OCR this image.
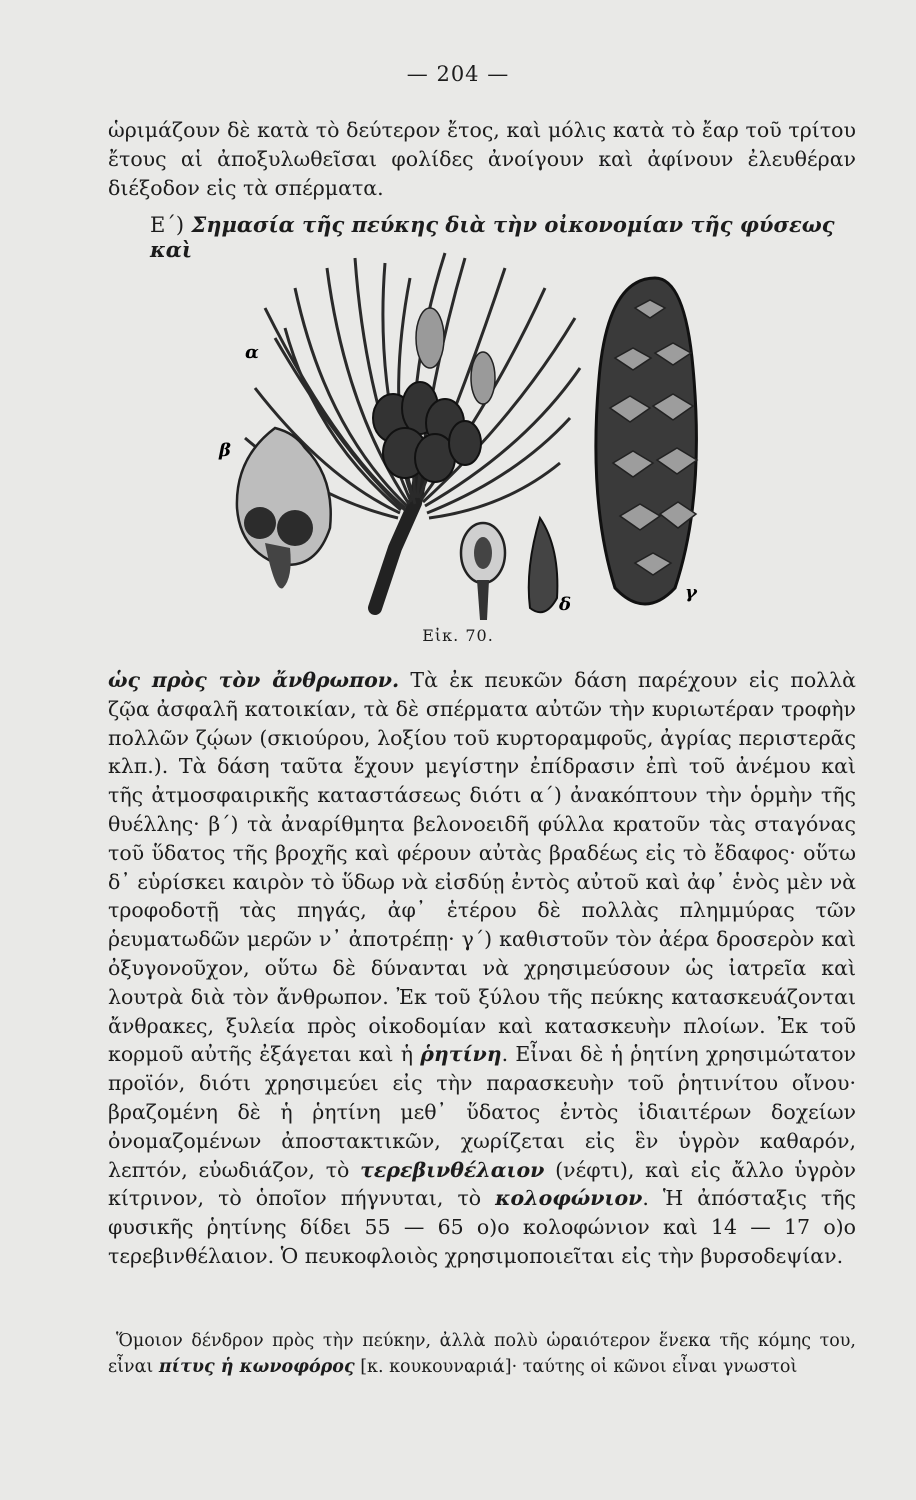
— 204 —
ὡριμάζουν δὲ κατὰ τὸ δεύτερον ἔτος, καὶ μόλις κατὰ τὸ ἔαρ τοῦ τρίτου ἔτους αἱ ἀποξυλωθεῖσαι φολίδες ἀνοίγουν καὶ ἀφίνουν ἐλευθέραν διέξοδον εἰς τὰ σπέρματα.
Ε΄) Σημασία τῆς πεύκης διὰ τὴν οἰκονομίαν τῆς φύσεως καὶ
α
β
δ
γ
Εἰκ. 70.
ὡς πρὸς τὸν ἄνθρωπον. Τὰ ἐκ πευκῶν δάση παρέχουν εἰς πολλὰ ζῷα ἀσφαλῆ κατοικίαν, τὰ δὲ σπέρματα αὐτῶν τὴν κυριωτέραν τροφὴν πολλῶν ζῴων (σκιούρου, λοξίου τοῦ κυρτοραμφοῦς, ἀγρίας περιστερᾶς κλπ.). Τὰ δάση ταῦτα ἔχουν μεγίστην ἐπίδρασιν ἐπὶ τοῦ ἀνέμου καὶ τῆς ἀτμοσφαιρικῆς καταστάσεως διότι α΄) ἀνακόπτουν τὴν ὁρμὴν τῆς θυέλλης· β΄) τὰ ἀναρίθμητα βελονοειδῆ φύλλα κρατοῦν τὰς σταγόνας τοῦ ὕδατος τῆς βροχῆς καὶ φέρουν αὐτὰς βραδέως εἰς τὸ ἔδαφος· οὕτω δ᾽ εὑρίσκει καιρὸν τὸ ὕδωρ νὰ εἰσδύῃ ἐντὸς αὐτοῦ καὶ ἀφ᾽ ἑνὸς μὲν νὰ τροφοδοτῇ τὰς πηγάς, ἀφ᾽ ἑτέρου δὲ πολλὰς πλημμύρας τῶν ῥευματωδῶν μερῶν ν᾽ ἀποτρέπῃ· γ΄) καθιστοῦν τὸν ἀέρα δροσερὸν καὶ ὀξυγονοῦχον, οὕτω δὲ δύνανται νὰ χρησιμεύσουν ὡς ἰατρεῖα καὶ λουτρὰ διὰ τὸν ἄνθρωπον. Ἐκ τοῦ ξύλου τῆς πεύκης κατασκευάζονται ἄνθρακες, ξυλεία πρὸς οἰκοδομίαν καὶ κατασκευὴν πλοίων. Ἐκ τοῦ κορμοῦ αὐτῆς ἐξάγεται καὶ ἡ ῥητίνη. Εἶναι δὲ ἡ ῥητίνη χρησιμώτατον προϊόν, διότι χρησιμεύει εἰς τὴν παρασκευὴν τοῦ ῥητινίτου οἴνου· βραζομένη δὲ ἡ ῥητίνη μεθ᾽ ὕδατος ἐντὸς ἰδιαιτέρων δοχείων ὀνομαζομένων ἀποστακτικῶν, χωρίζεται εἰς ἓν ὑγρὸν καθαρόν, λεπτόν, εὐωδιάζον, τὸ τερεβινθέλαιον (νέφτι), καὶ εἰς ἄλλο ὑγρὸν κίτρινον, τὸ ὁποῖον πήγνυται, τὸ κολοφώνιον. Ἡ ἀπόσταξις τῆς φυσικῆς ῥητίνης δίδει 55 — 65 ο)ο κολοφώνιον καὶ 14 — 17 ο)ο τερεβινθέλαιον. Ὁ πευκοφλοιὸς χρησιμοποιεῖται εἰς τὴν βυρσοδεψίαν.
Ὅμοιον δένδρον πρὸς τὴν πεύκην, ἀλλὰ πολὺ ὡραιότερον ἕνεκα τῆς κόμης του, εἶναι πίτυς ἡ κωνοφόρος [κ. κουκουναριά]· ταύτης οἱ κῶνοι εἶναι γνωστοὶ
